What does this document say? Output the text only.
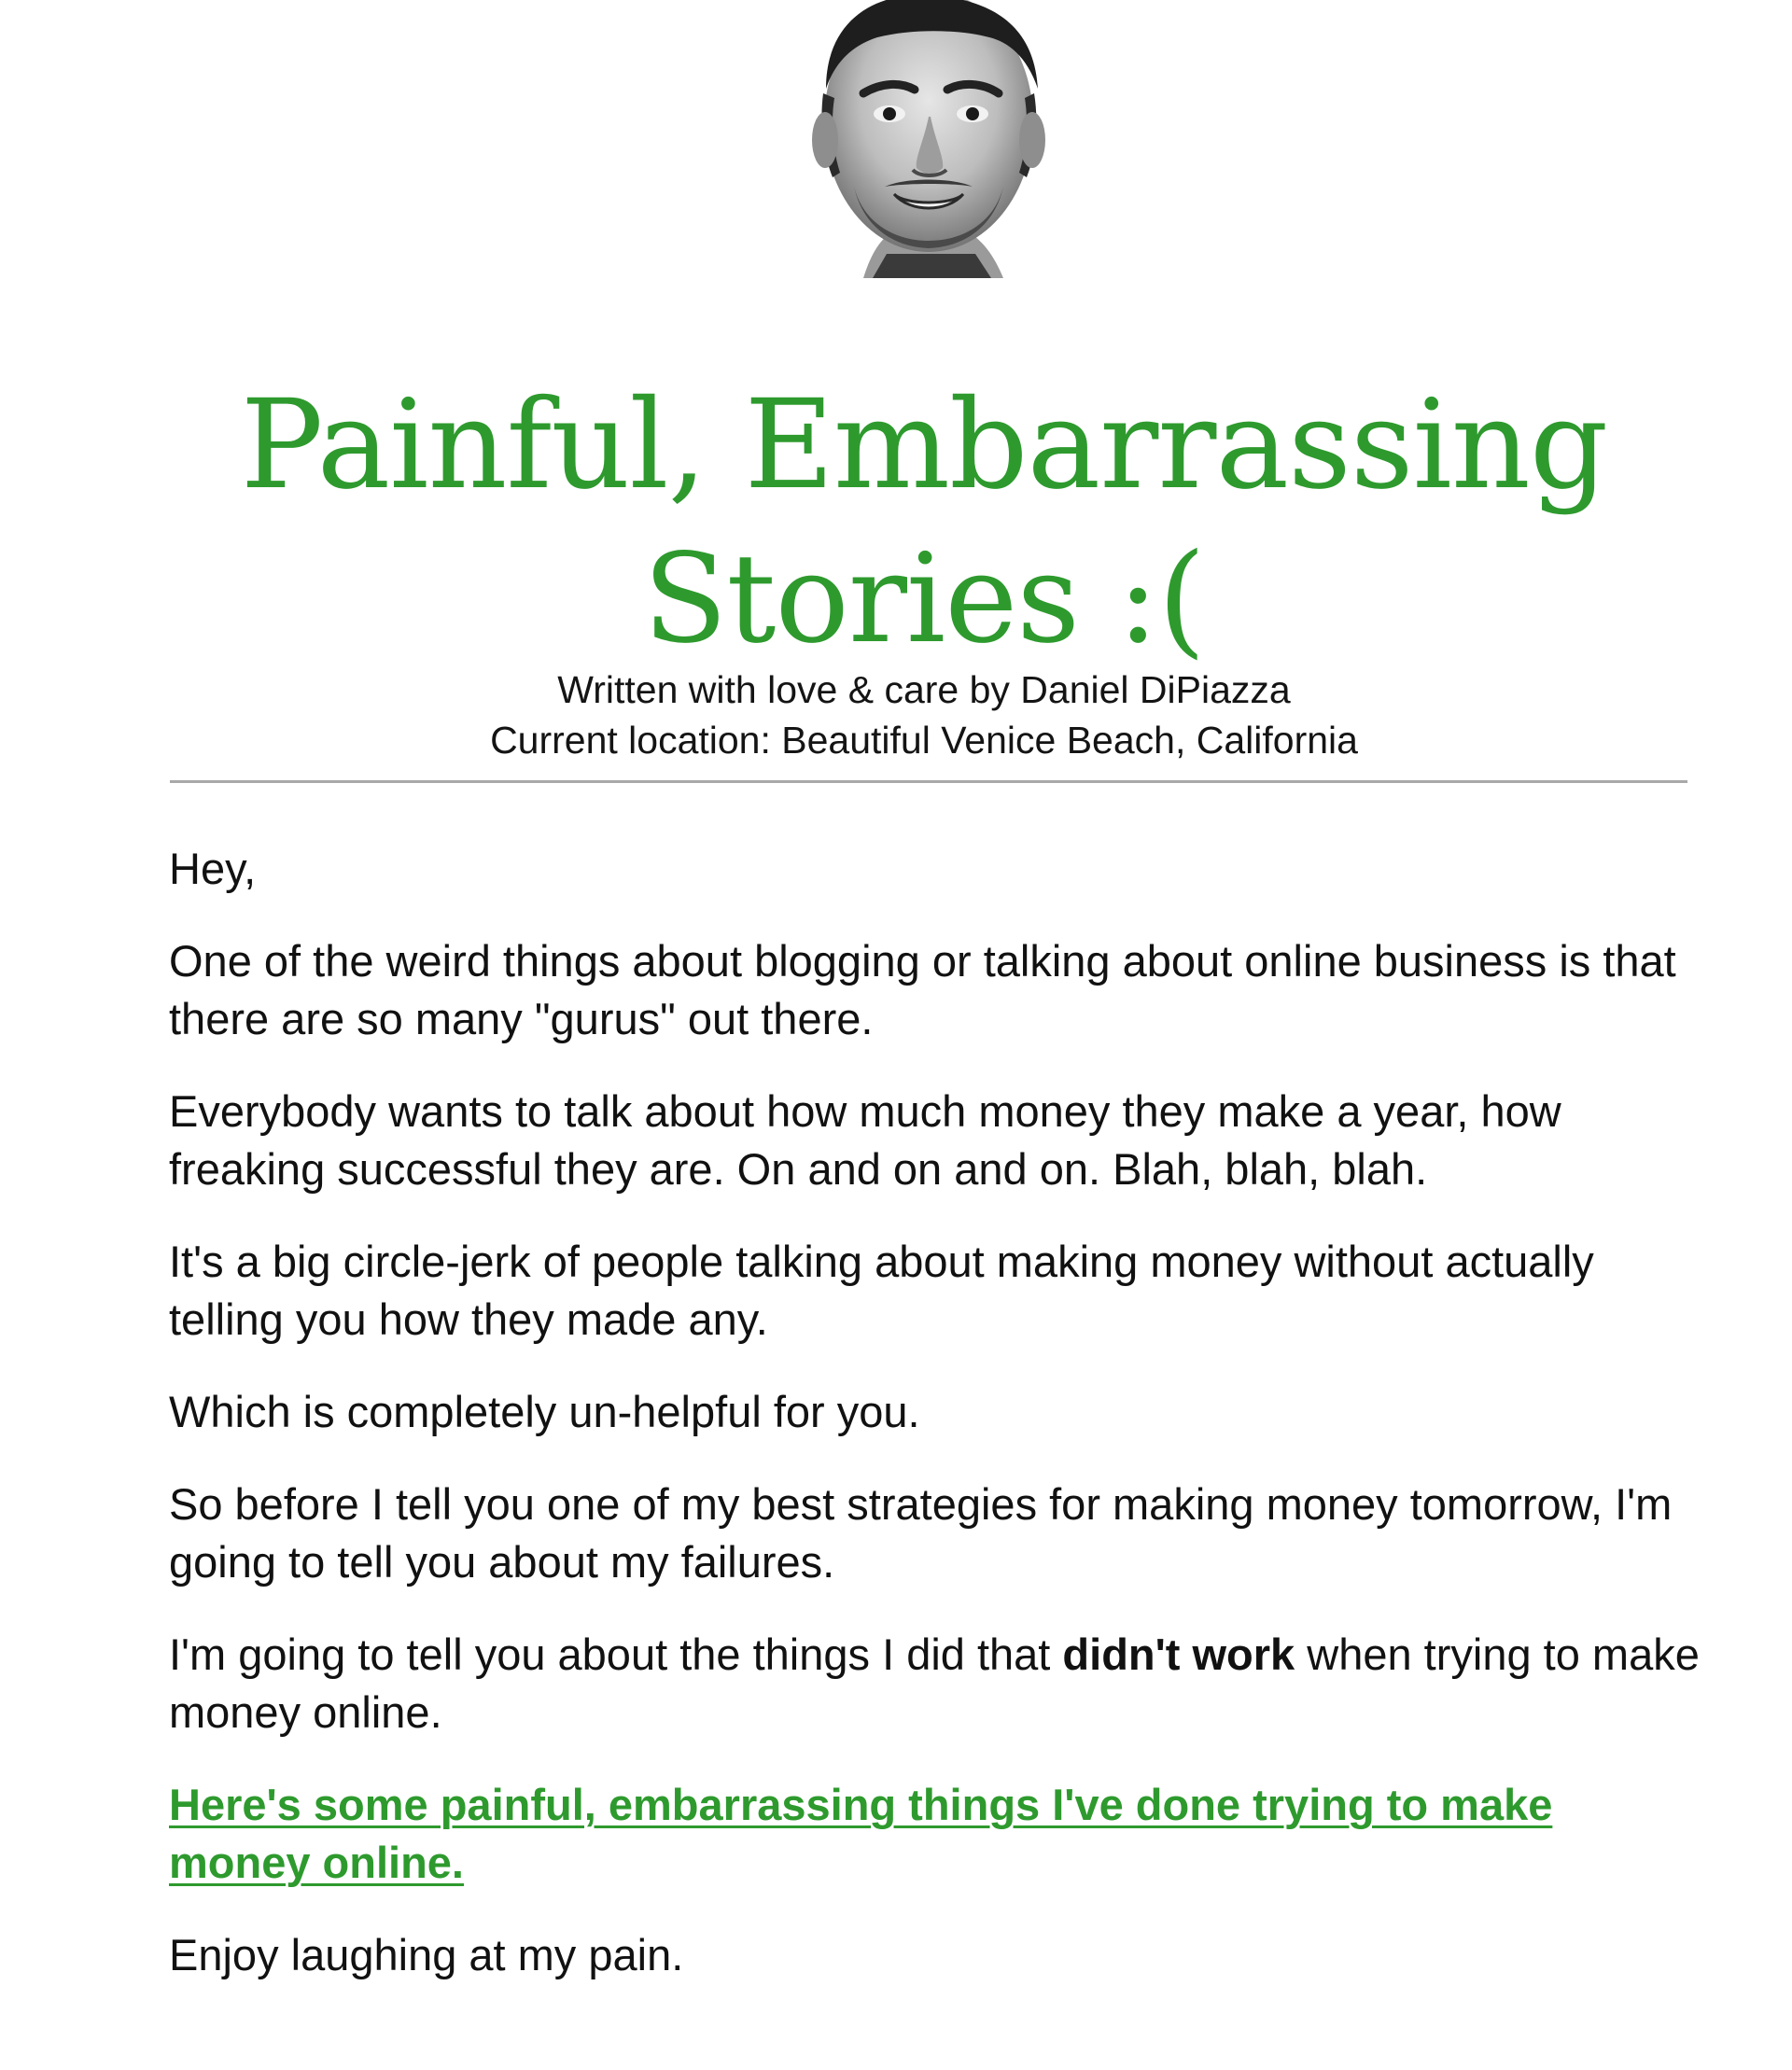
Painful, Embarrassing Stories :(
Written with love & care by Daniel DiPiazza
Current location: Beautiful Venice Beach, California

Hey,

One of the weird things about blogging or talking about online business is that there are so many "gurus" out there.

Everybody wants to talk about how much money they make a year, how freaking successful they are. On and on and on. Blah, blah, blah.

It's a big circle-jerk of people talking about making money without actually telling you how they made any.

Which is completely un-helpful for you.

So before I tell you one of my best strategies for making money tomorrow, I'm going to tell you about my failures.

I'm going to tell you about the things I did that didn't work when trying to make money online.

Here's some painful, embarrassing things I've done trying to make money online.

Enjoy laughing at my pain.
